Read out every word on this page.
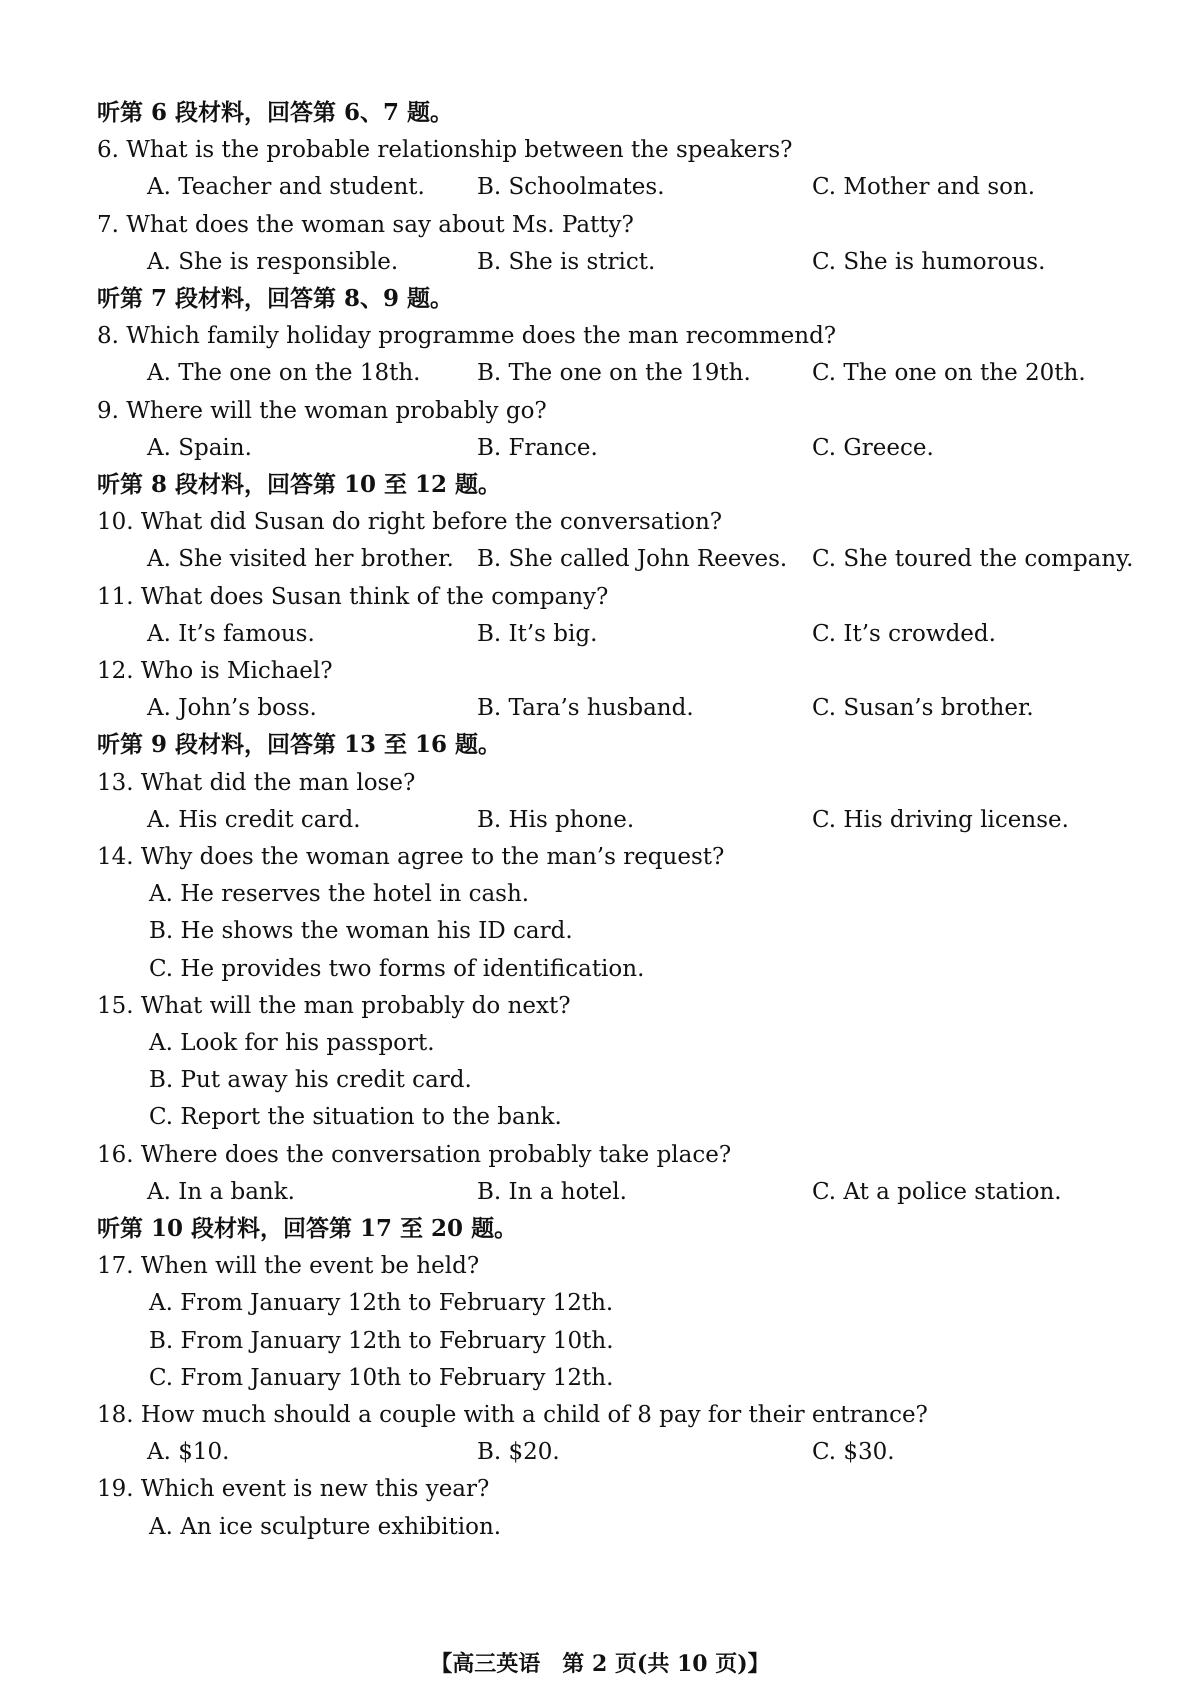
听第 6 段材料，回答第 6、7 题。
6. What is the probable relationship between the speakers?
A. Teacher and student. B. Schoolmates.	C. Mother and son.
7. What does the woman say about Ms. Patty?
A. She is responsible.	B. She is strict.	C. She is humorous.
听第 7 段材料，回答第 8、9 题。
8. Which family holiday programme does the man recommend?
A. The one on the 18th. B. The one on the 19th.	C. The one on the 20th.
9. Where will the woman probably go?
A. Spain.	B. France.	C. Greece.
听第 8 段材料，回答第 10 至 12 题。
10. What did Susan do right before the conversation?
A. She visited her brother. B. She called John Reeves. C. She toured the company.
11. What does Susan think of the company?
A. It’s famous.	B. It’s big.	C. It’s crowded.
12. Who is Michael?
A. John’s boss.	B. Tara’s husband.	C. Susan’s brother.
听第 9 段材料，回答第 13 至 16 题。
13. What did the man lose?
A. His credit card.	B. His phone.	C. His driving license.
14. Why does the woman agree to the man’s request?
A. He reserves the hotel in cash.
B. He shows the woman his ID card.
C. He provides two forms of identification.
15. What will the man probably do next?
A. Look for his passport.
B. Put away his credit card.
C. Report the situation to the bank.
16. Where does the conversation probably take place?
A. In a bank.	B. In a hotel.	C. At a police station.
听第 10 段材料，回答第 17 至 20 题。
17. When will the event be held?
A. From January 12th to February 12th.
B. From January 12th to February 10th.
C. From January 10th to February 12th.
18. How much should a couple with a child of 8 pay for their entrance?
A. $10.	B. $20.	C. $30.
19. Which event is new this year?
A. An ice sculpture exhibition.
【高三英语　第 2 页(共 10 页)】
